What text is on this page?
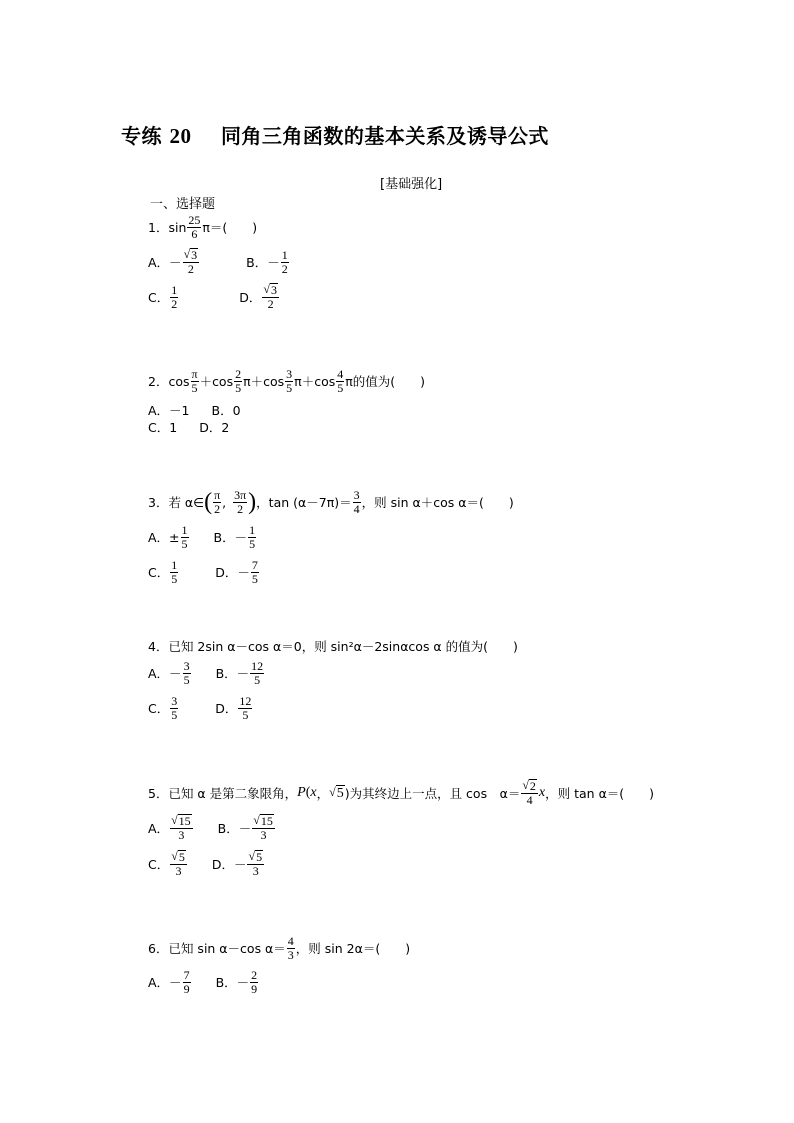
专练 20 同角三角函数的基本关系及诱导公式
[基础强化]
一、选择题
1．$\sin \frac{25}{6} \pi=$(　　)
A．－ $\frac{√ 3}{2}$	B．－ $\frac{1}{2}$
C． $\frac{1}{2}$	D． $\frac{√ 3}{2}$
2．$\cos \frac{\pi}{5} +\cos \frac{2}{5} \pi+\cos \frac{3}{5} \pi+\cos \frac{4}{5}$ π的值为(　　)
A．－1 B．0
C．1 D．2
3．若 α∈ ( $\frac{\pi}{2}$ , $\frac{3\pi}{2}$ ) ，$\tan (\alpha-7\pi)= \frac{3}{4}$ ，则 sin α＋cos α＝(　　)
A．± $\frac{1}{5}$ B．－ $\frac{1}{5}$
C． $\frac{1}{5}$	D．－ $\frac{7}{5}$
4．已知 2sin α－cos α＝0，则 sin²α－2sinαcos α 的值为(　　)
A．－ $\frac{3}{5}$ B．－ $\frac{12}{5}$
C． $\frac{3}{5}$	D． $\frac{12}{5}$
5．已知 α 是第二象限角， P ( x ， √ 5 )为其终边上一点，且 cos　$\alpha= \frac{√ 2}{4}$ x ，则 tan α＝(　　)
A． $\frac{√ 15}{3}$ B．－ $\frac{√ 15}{3}$
C． $\frac{√ 5}{3}$ D．－ $\frac{√ 5}{3}$
6．已知 sin α－cos $\alpha= \frac{4}{3}$ ，则 sin 2α＝(　　)
A．－ $\frac{7}{9}$ B．－ $\frac{2}{9}$
